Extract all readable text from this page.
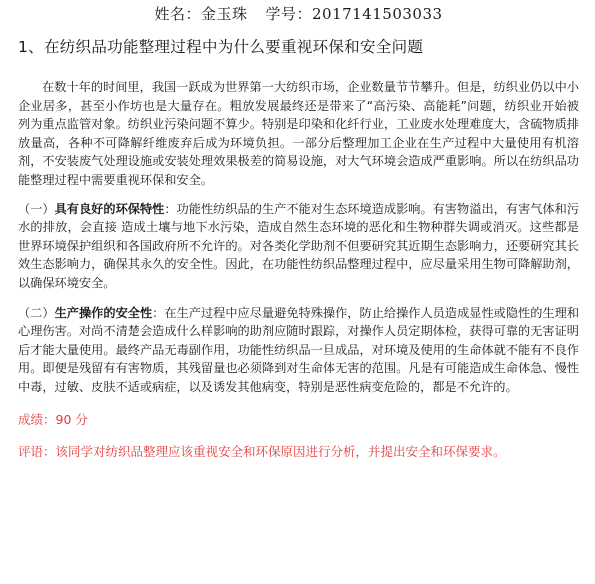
姓名：金玉珠 学号：2017141503033
1、在纺织品功能整理过程中为什么要重视环保和安全问题

在数十年的时间里，我国一跃成为世界第一大纺织市场，企业数量节节攀升。但是，纺织业仍以中小企业居多，甚至小作坊也是大量存在。粗放发展最终还是带来了“高污染、高能耗”问题，纺织业开始被列为重点监管对象。纺织业污染问题不算少。特别是印染和化纤行业，工业废水处理难度大，含硫物质排放量高，各种不可降解纤维废弃后成为环境负担。一部分后整理加工企业在生产过程中大量使用有机溶剂，不安装废气处理设施或安装处理效果极差的简易设施，对大气环境会造成严重影响。所以在纺织品功能整理过程中需要重视环保和安全。

（一）具有良好的环保特性：功能性纺织品的生产不能对生态环境造成影响。有害物溢出，有害气体和污水的排放，会直接 造成土壤与地下水污染，造成自然生态环境的恶化和生物种群失调或消灭。这些都是世界环境保护组织和各国政府所不允许的。对各类化学助剂不但要研究其近期生态影响力，还要研究其长效生态影响力，确保其永久的安全性。因此，在功能性纺织品整理过程中，应尽量采用生物可降解助剂，以确保环境安全。

（二）生产操作的安全性：在生产过程中应尽量避免特殊操作，防止给操作人员造成显性或隐性的生理和心理伤害。对尚不清楚会造成什么样影响的助剂应随时跟踪，对操作人员定期体检，获得可靠的无害证明后才能大量使用。最终产品无毒副作用，功能性纺织品一旦成品，对环境及使用的生命体就不能有不良作用。即便是残留有有害物质，其残留量也必须降到对生命体无害的范围。凡是有可能造成生命体急、慢性中毒，过敏、皮肤不适或病症，以及诱发其他病变，特别是恶性病变危险的，都是不允许的。

成绩：90 分
评语：该同学对纺织品整理应该重视安全和环保原因进行分析，并提出安全和环保要求。
